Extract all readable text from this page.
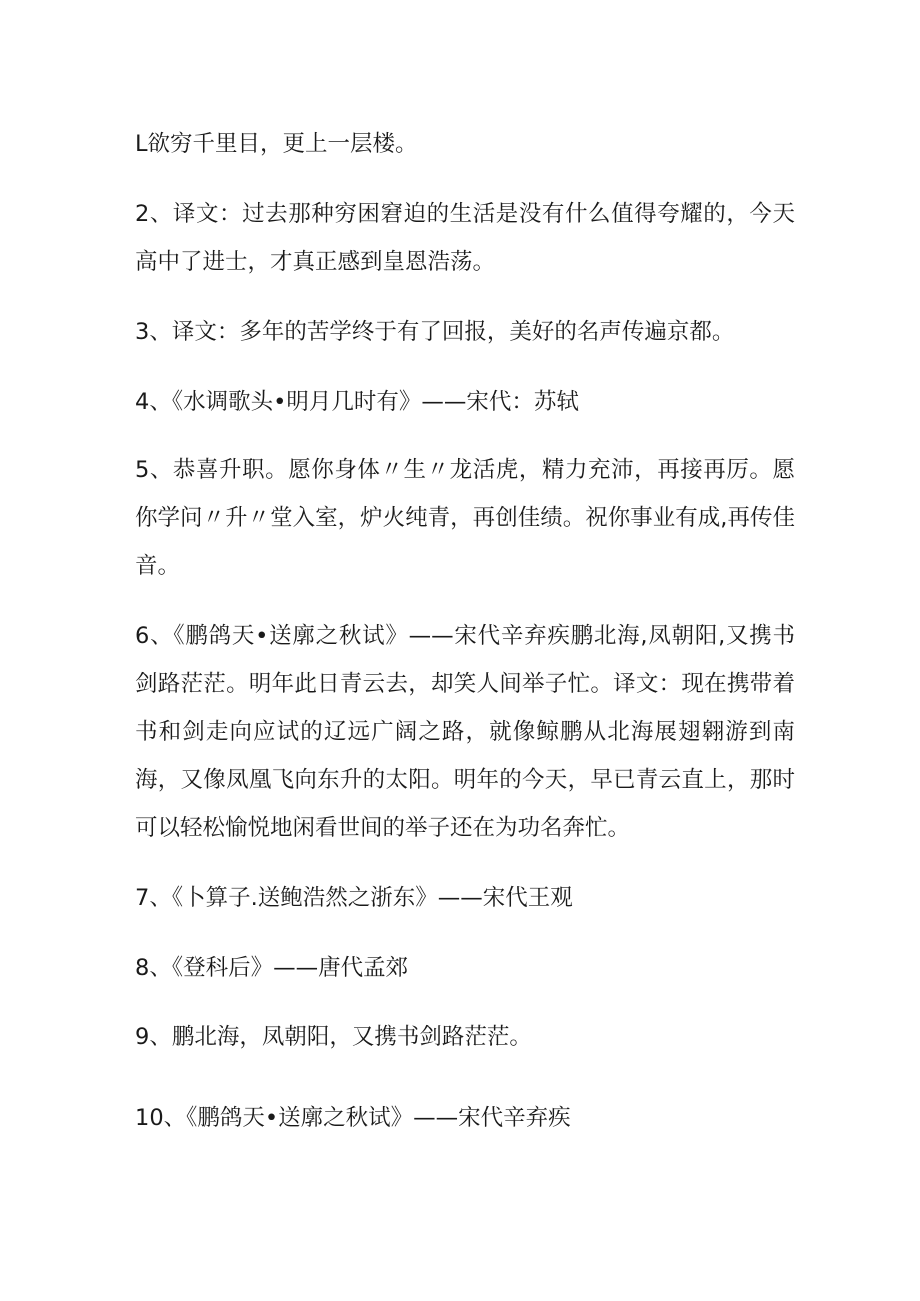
L欲穷千里目，更上一层楼。

2、译文：过去那种穷困窘迫的生活是没有什么值得夸耀的，今天高中了进士，才真正感到皇恩浩荡。

3、译文：多年的苦学终于有了回报，美好的名声传遍京都。

4、《水调歌头•明月几时有》——宋代：苏轼

5、恭喜升职。愿你身体〃生〃龙活虎，精力充沛，再接再厉。愿你学问〃升〃堂入室，炉火纯青，再创佳绩。祝你事业有成,再传佳音。

6、《鹏鸽天•送廓之秋试》——宋代辛弃疾鹏北海,凤朝阳,又携书剑路茫茫。明年此日青云去，却笑人间举子忙。译文：现在携带着书和剑走向应试的辽远广阔之路，就像鲸鹏从北海展翅翱游到南海，又像凤凰飞向东升的太阳。明年的今天，早已青云直上，那时可以轻松愉悦地闲看世间的举子还在为功名奔忙。

7、《卜算子.送鲍浩然之浙东》——宋代王观

8、《登科后》——唐代孟郊

9、鹏北海，凤朝阳，又携书剑路茫茫。

10、《鹏鸽天•送廓之秋试》——宋代辛弃疾
